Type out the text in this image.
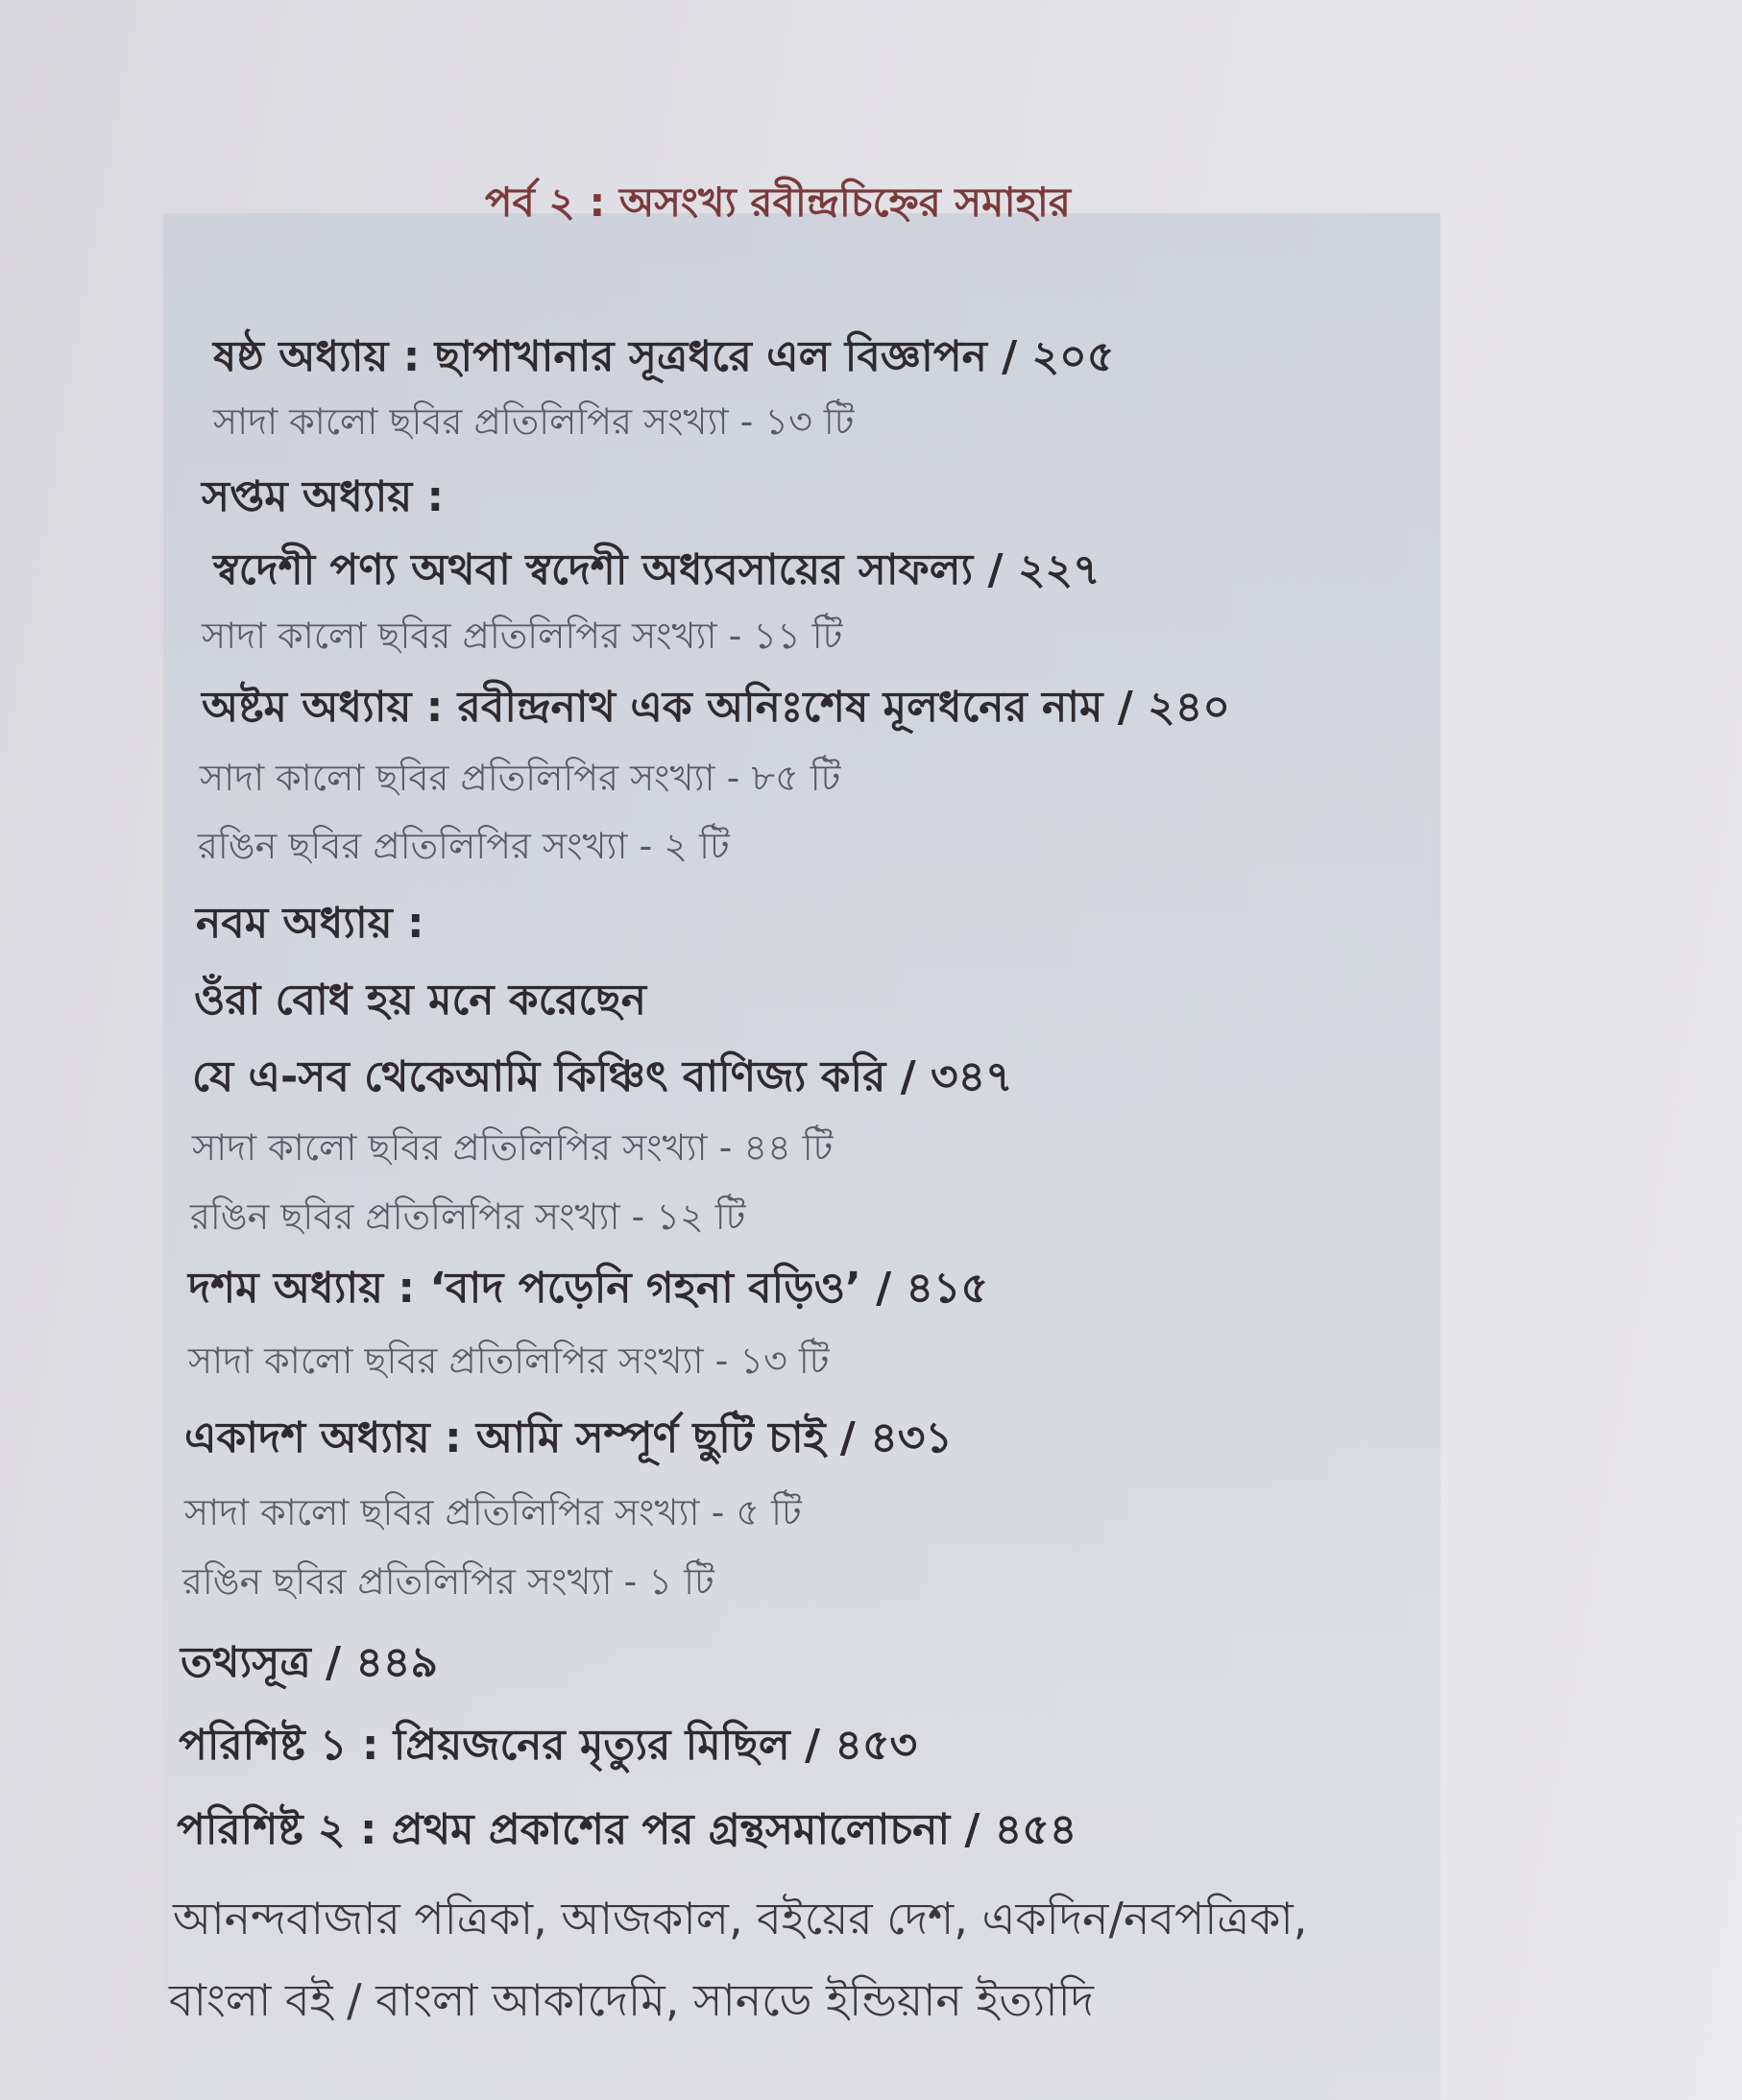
পর্ব ২ : অসংখ্য রবীন্দ্রচিহ্নের সমাহার
ষষ্ঠ অধ্যায় : ছাপাখানার সূত্রধরে এল বিজ্ঞাপন / ২০৫
সাদা কালো ছবির প্রতিলিপির সংখ্যা - ১৩ টি
সপ্তম অধ্যায় :
স্বদেশী পণ্য অথবা স্বদেশী অধ্যবসায়ের সাফল্য / ২২৭
সাদা কালো ছবির প্রতিলিপির সংখ্যা - ১১ টি
অষ্টম অধ্যায় : রবীন্দ্রনাথ এক অনিঃশেষ মূলধনের নাম / ২৪০
সাদা কালো ছবির প্রতিলিপির সংখ্যা - ৮৫ টি
রঙিন ছবির প্রতিলিপির সংখ্যা - ২ টি
নবম অধ্যায় :
ওঁরা বোধ হয় মনে করেছেন
যে এ-সব থেকেআমি কিঞ্চিৎ বাণিজ্য করি / ৩৪৭
সাদা কালো ছবির প্রতিলিপির সংখ্যা - ৪৪ টি
রঙিন ছবির প্রতিলিপির সংখ্যা - ১২ টি
দশম অধ্যায় : ‘বাদ পড়েনি গহনা বড়িও’ / ৪১৫
সাদা কালো ছবির প্রতিলিপির সংখ্যা - ১৩ টি
একাদশ অধ্যায় : আমি সম্পূর্ণ ছুটি চাই / ৪৩১
সাদা কালো ছবির প্রতিলিপির সংখ্যা - ৫ টি
রঙিন ছবির প্রতিলিপির সংখ্যা - ১ টি
তথ্যসূত্র / ৪৪৯
পরিশিষ্ট ১ : প্রিয়জনের মৃত্যুর মিছিল / ৪৫৩
পরিশিষ্ট ২ : প্রথম প্রকাশের পর গ্রন্থসমালোচনা / ৪৫৪
আনন্দবাজার পত্রিকা, আজকাল, বইয়ের দেশ, একদিন/নবপত্রিকা,
বাংলা বই / বাংলা আকাদেমি, সানডে ইন্ডিয়ান ইত্যাদি
